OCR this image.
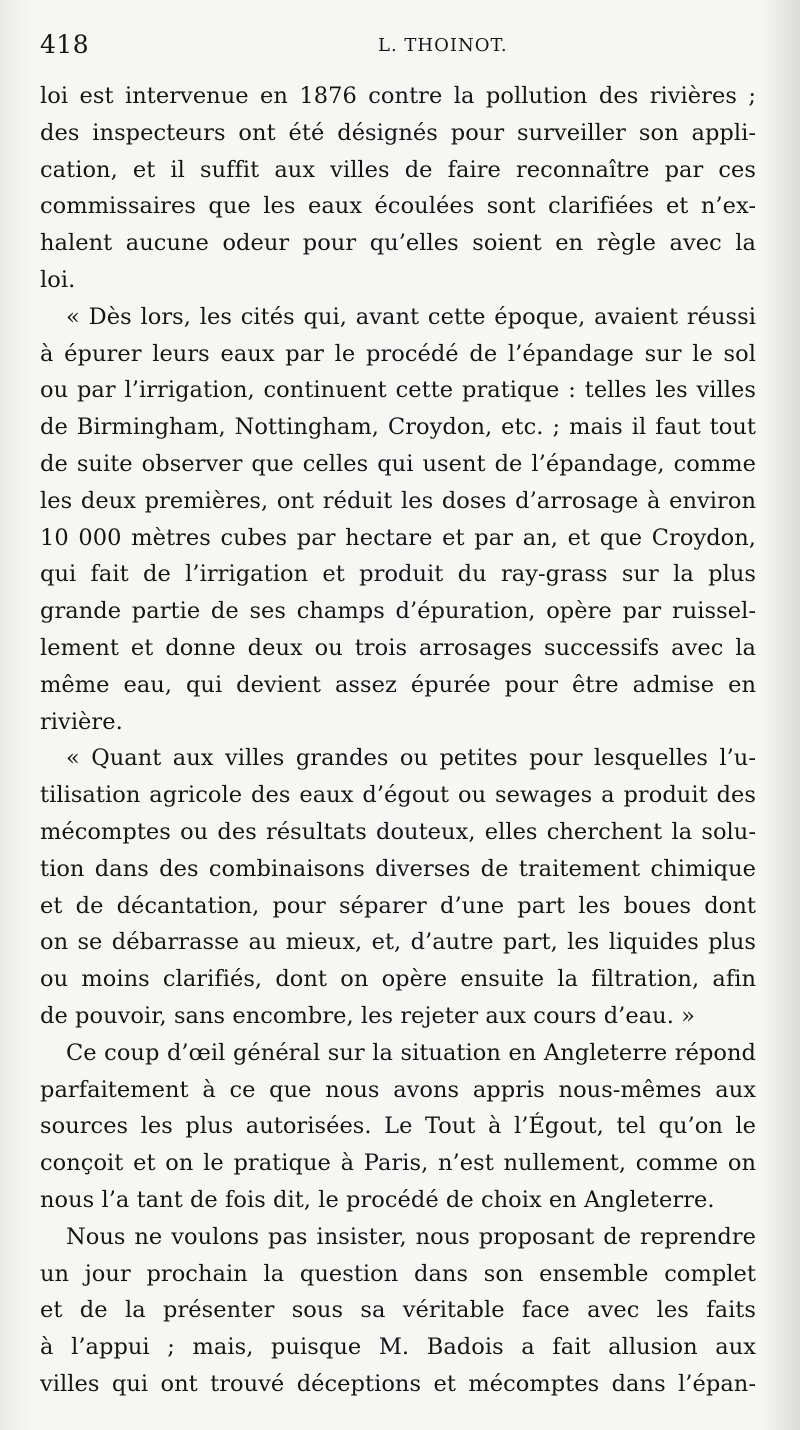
418	L. THOINOT.
loi est intervenue en 1876 contre la pollution des rivières ;
des inspecteurs ont été désignés pour surveiller son appli-
cation, et il suffit aux villes de faire reconnaître par ces
commissaires que les eaux écoulées sont clarifiées et n’ex-
halent aucune odeur pour qu’elles soient en règle avec la
loi.
« Dès lors, les cités qui, avant cette époque, avaient réussi
à épurer leurs eaux par le procédé de l’épandage sur le sol
ou par l’irrigation, continuent cette pratique : telles les villes
de Birmingham, Nottingham, Croydon, etc. ; mais il faut tout
de suite observer que celles qui usent de l’épandage, comme
les deux premières, ont réduit les doses d’arrosage à environ
10 000 mètres cubes par hectare et par an, et que Croydon,
qui fait de l’irrigation et produit du ray-grass sur la plus
grande partie de ses champs d’épuration, opère par ruissel-
lement et donne deux ou trois arrosages successifs avec la
même eau, qui devient assez épurée pour être admise en
rivière.
« Quant aux villes grandes ou petites pour lesquelles l’u-
tilisation agricole des eaux d’égout ou sewages a produit des
mécomptes ou des résultats douteux, elles cherchent la solu-
tion dans des combinaisons diverses de traitement chimique
et de décantation, pour séparer d’une part les boues dont
on se débarrasse au mieux, et, d’autre part, les liquides plus
ou moins clarifiés, dont on opère ensuite la filtration, afin
de pouvoir, sans encombre, les rejeter aux cours d’eau. »
Ce coup d’œil général sur la situation en Angleterre répond
parfaitement à ce que nous avons appris nous-mêmes aux
sources les plus autorisées. Le Tout à l’Égout, tel qu’on le
conçoit et on le pratique à Paris, n’est nullement, comme on
nous l’a tant de fois dit, le procédé de choix en Angleterre.
Nous ne voulons pas insister, nous proposant de reprendre
un jour prochain la question dans son ensemble complet
et de la présenter sous sa véritable face avec les faits
à l’appui ; mais, puisque M. Badois a fait allusion aux
villes qui ont trouvé déceptions et mécomptes dans l’épan-
